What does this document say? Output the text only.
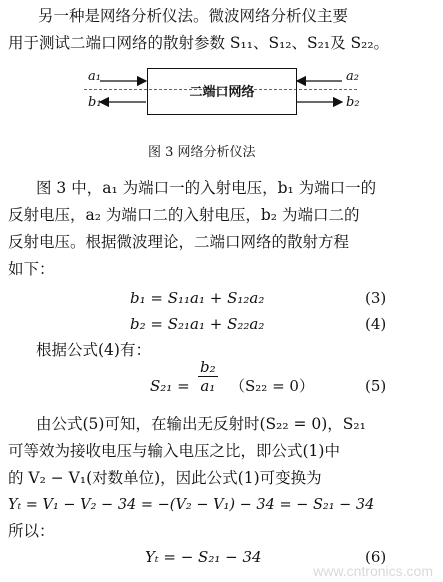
另一种是网络分析仪法。微波网络分析仪主要
用于测试二端口网络的散射参数 S₁₁、S₁₂、S₂₁及 S₂₂。
二端口网络
a₁
b₁
a₂
b₂
图 3 网络分析仪法
图 3 中，a₁ 为端口一的入射电压，b₁ 为端口一的
反射电压，a₂ 为端口二的入射电压，b₂ 为端口二的
反射电压。根据微波理论，二端口网络的散射方程
如下：
b₁ = S₁₁a₁ + S₁₂a₂	(3)
b₂ = S₂₁a₁ + S₂₂a₂	(4)
根据公式(4)有：
$S_{21} = \frac{\text{b₂}}{\text{a₁}} (S_{22} = 0)$	(5)
由公式(5)可知，在输出无反射时(S₂₂ = 0)，S₂₁
可等效为接收电压与输入电压之比，即公式(1)中
的 V₂ − V₁(对数单位)，因此公式(1)可变换为
Yₜ = V₁ − V₂ − 34 = −(V₂ − V₁) − 34 = − S₂₁ − 34
所以：
Yₜ = − S₂₁ − 34	(6)
www.cntronics.com
